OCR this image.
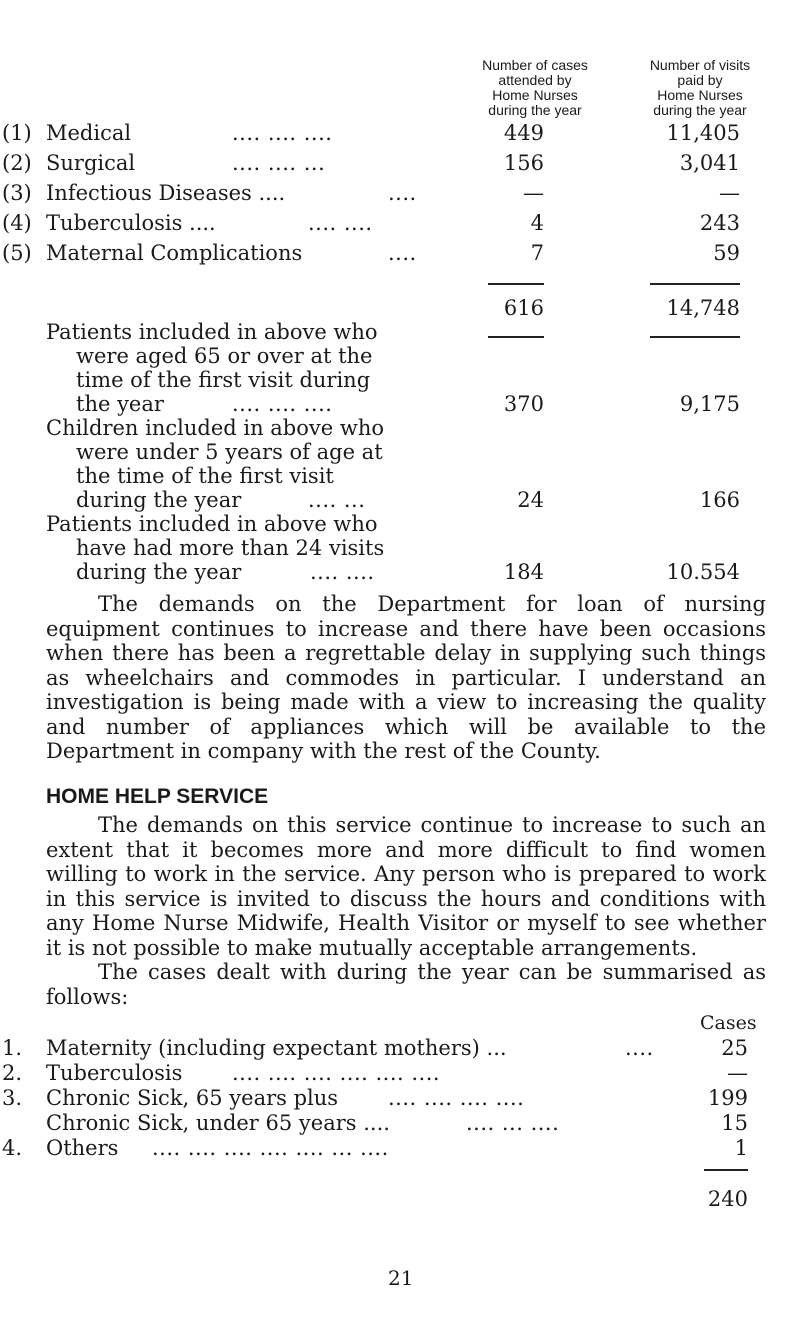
Number of cases
attended by
Home Nurses
during the year
Number of visits
paid by
Home Nurses
during the year
(1) Medical	.... .... ....	449	11,405
(2) Surgical	.... .... ...	156	3,041
(3) Infectious Diseases ....	....	—	—
(4) Tuberculosis ....	.... ....	4	243
(5) Maternal Complications	....	7	59
616	14,748
Patients included in above who
were aged 65 or over at the
time of the first visit during
the year	.... .... ....	370	9,175
Children included in above who
were under 5 years of age at
the time of the first visit
during the year	.... ...	24	166
Patients included in above who
have had more than 24 visits
during the year	.... ....	184	10.554

The demands on the Department for loan of nursing equipment continues to increase and there have been occasions when there has been a regrettable delay in supplying such things as wheelchairs and commodes in particular. I understand an investigation is being made with a view to increasing the quality and number of appliances which will be available to the Department in company with the rest of the County.

HOME HELP SERVICE

The demands on this service continue to increase to such an extent that it becomes more and more difficult to find women willing to work in the service. Any person who is prepared to work in this service is invited to discuss the hours and conditions with any Home Nurse Midwife, Health Visitor or myself to see whether it is not possible to make mutually acceptable arrangements.

The cases dealt with during the year can be summarised as follows:

Cases
1. Maternity (including expectant mothers) ...	....	25
2. Tuberculosis .... .... .... .... .... ....	—
3. Chronic Sick, 65 years plus .... .... .... ....	199
Chronic Sick, under 65 years ....	.... ... ....	15
4. Others .... .... .... .... .... ... ....	1
240
21
